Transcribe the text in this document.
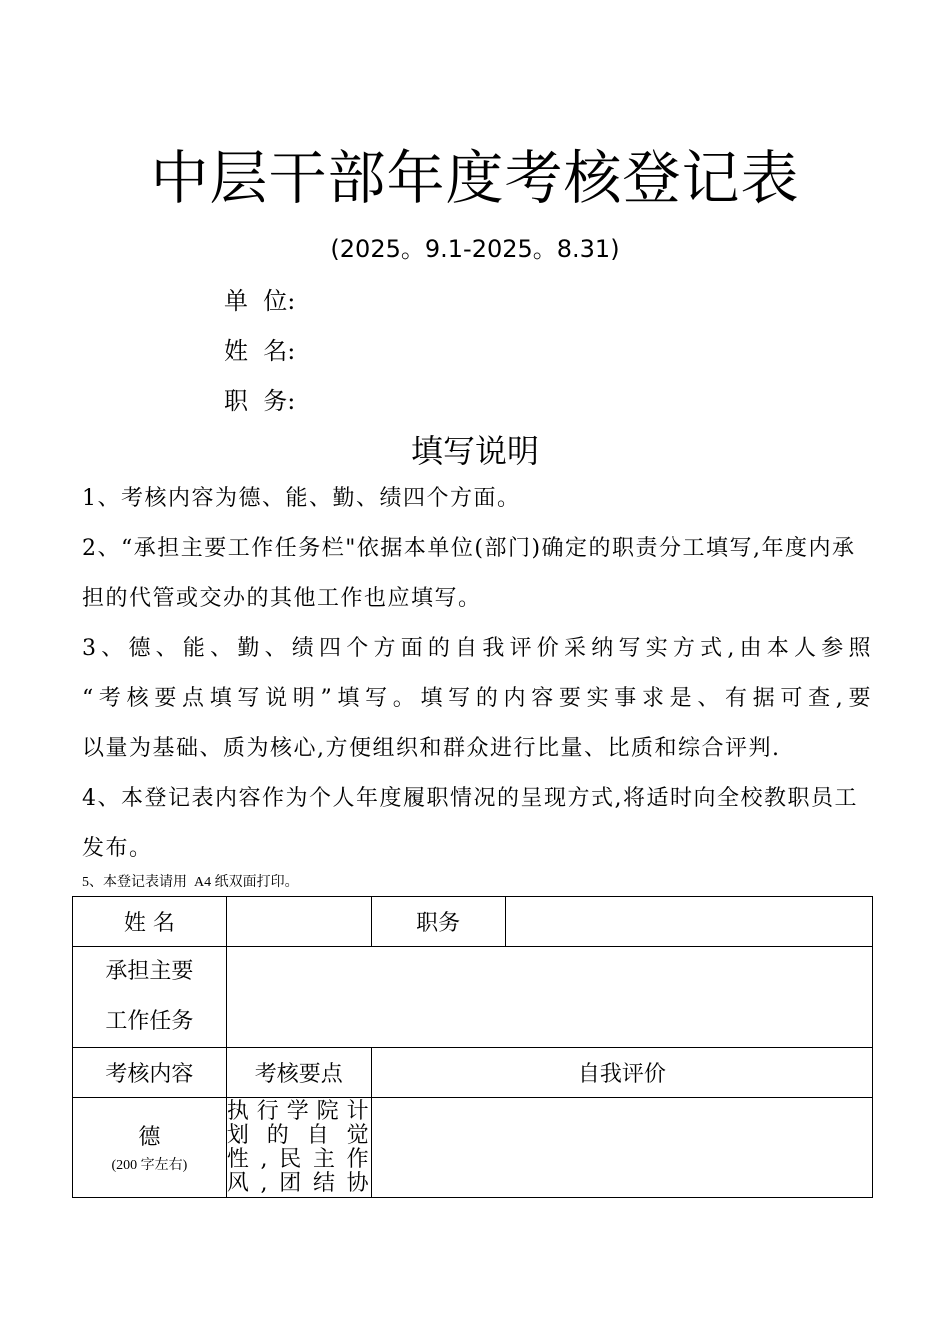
中层干部年度考核登记表
(2025。9.1-2025。8.31)
单  位:
姓  名:
职  务:
填写说明

1、考核内容为德、能、勤、绩四个方面。

2、“承担主要工作任务栏"依据本单位(部门)确定的职责分工填写,年度内承担的代管或交办的其他工作也应填写。

3、德、能、勤、绩四个方面的自我评价采纳写实方式,由本人参照
“考核要点填写说明”填写。填写的内容要实事求是、有据可查,要
以量为基础、质为核心,方便组织和群众进行比量、比质和综合评判.

4、本登记表内容作为个人年度履职情况的呈现方式,将适时向全校教职员工发布。

5、本登记表请用  A4 纸双面打印。
姓 名		职务	
承担主要
工作任务			
考核内容	考核要点	自我评价	
德
(200 字左右)	执行学院计
划的自觉
性,民主作
风,团结协		
